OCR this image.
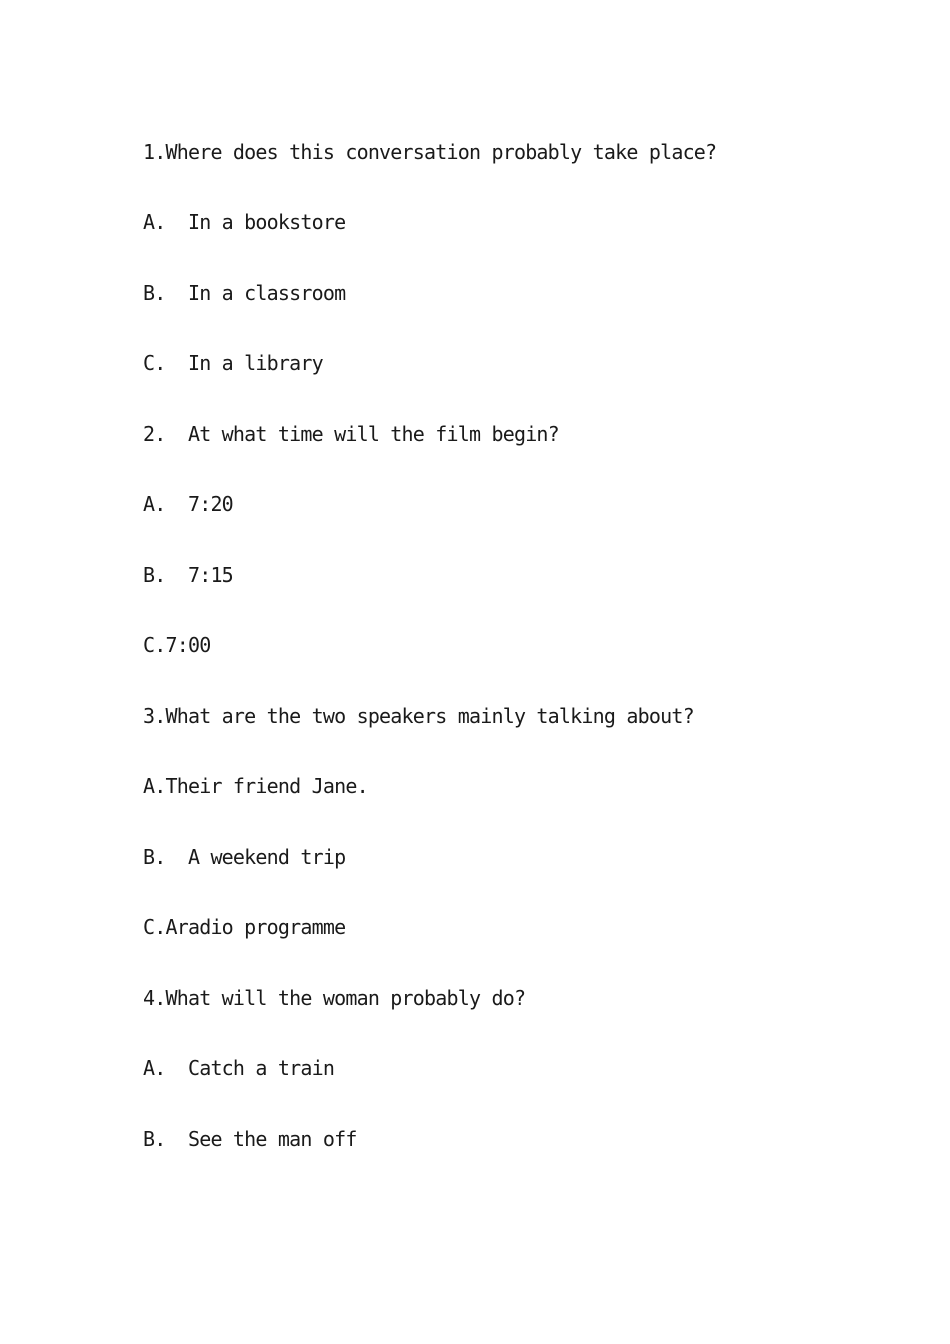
1.Where does this conversation probably take place?
A.  In a bookstore
B.  In a classroom
C.  In a library
2.  At what time will the film begin?
A.  7:20
B.  7:15
C.7:00
3.What are the two speakers mainly talking about?
A.Their friend Jane.
B.  A weekend trip
C.Aradio programme
4.What will the woman probably do?
A.  Catch a train
B.  See the man off
